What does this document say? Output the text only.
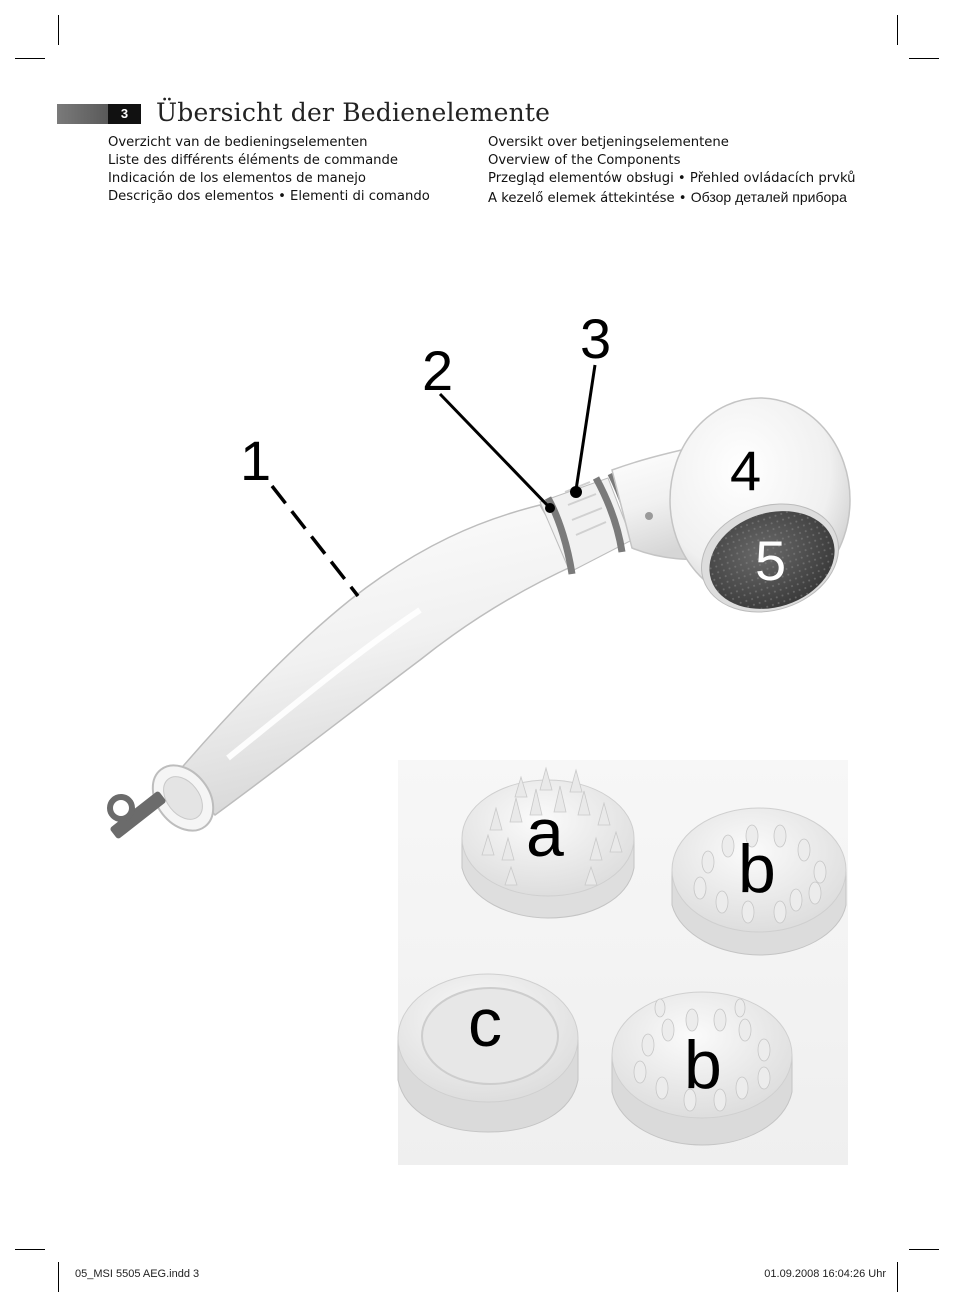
3	Übersicht der Bedienelemente
Overzicht van de bedieningselementen
Liste des différents éléments de commande
Indicación de los elementos de manejo
Descrição dos elementos • Elementi di comando
Oversikt over betjeningselementene
Overview of the Components
Przegląd elementów obsługi • Přehled ovládacích prvků
A kezelő elemek áttekintése • Обзор деталей прибора
1
2
3
4
5
a	b
c
b
05_MSI 5505 AEG.indd 3	01.09.2008 16:04:26 Uhr
